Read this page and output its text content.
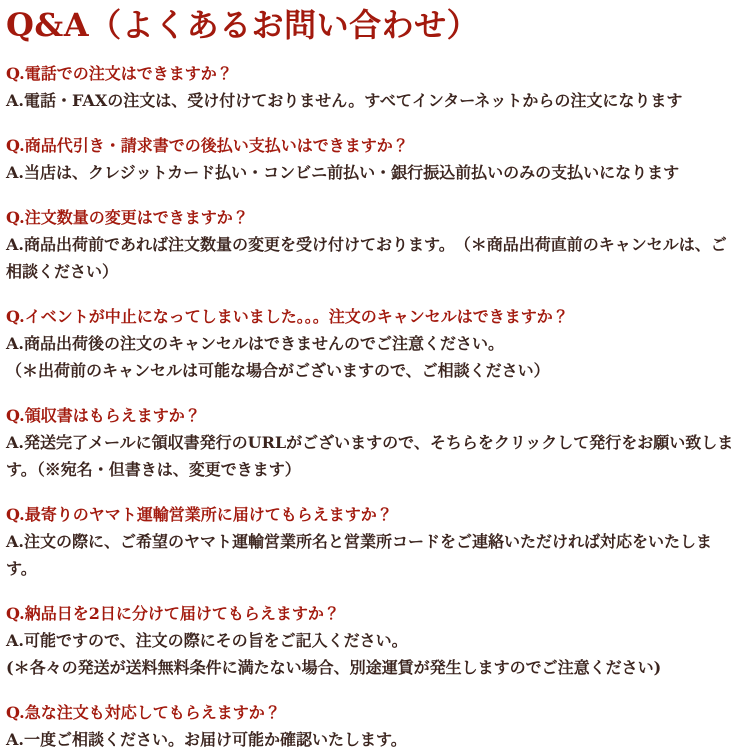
Q&A（よくあるお問い合わせ）
Q.電話での注文はできますか？
A.電話・FAXの注文は、受け付けておりません。すべてインターネットからの注文になります
Q.商品代引き・請求書での後払い支払いはできますか？
A.当店は、クレジットカード払い・コンビニ前払い・銀行振込前払いのみの支払いになります
Q.注文数量の変更はできますか？
A.商品出荷前であれば注文数量の変更を受け付けております。　（＊商品出荷直前のキャンセルは、ご相談ください）
Q.イベントが中止になってしまいました。。。注文のキャンセルはできますか？
A.商品出荷後の注文のキャンセルはできませんのでご注意ください。
（＊出荷前のキャンセルは可能な場合がございますので、ご相談ください）
Q.領収書はもらえますか？
A.発送完了メールに領収書発行のURLがございますので、そちらをクリックして発行をお願い致します。（※宛名・但書きは、変更できます）
Q.最寄りのヤマト運輸営業所に届けてもらえますか？
A.注文の際に、ご希望のヤマト運輸営業所名と営業所コードをご連絡いただければ対応をいたします。
Q.納品日を2日に分けて届けてもらえますか？
A.可能ですので、注文の際にその旨をご記入ください。
(＊各々の発送が送料無料条件に満たない場合、別途運賃が発生しますのでご注意ください)
Q.急な注文も対応してもらえますか？
A.一度ご相談ください。お届け可能か確認いたします。
